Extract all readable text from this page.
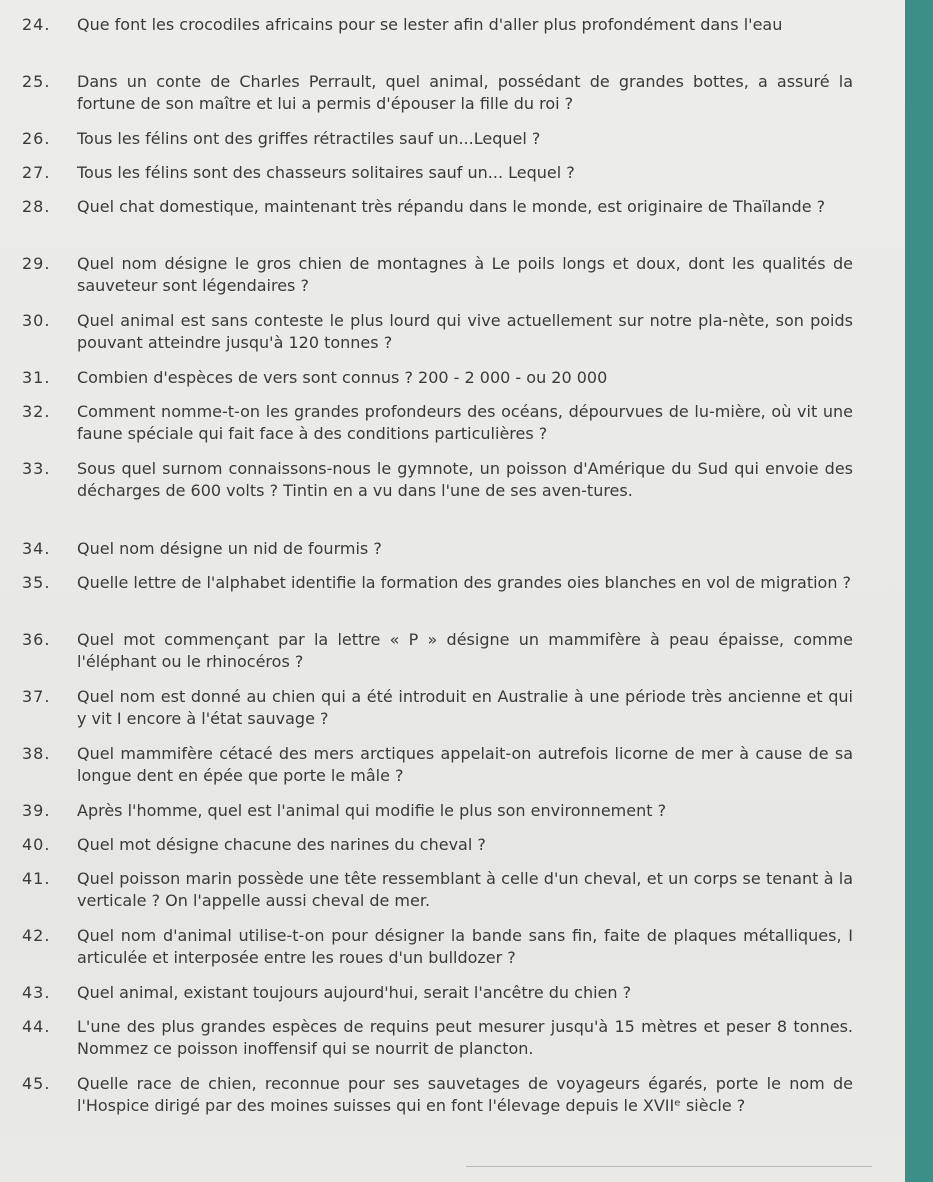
24.	Que font les crocodiles africains pour se lester afin d'aller plus profondément dans l'eau
25.	Dans un conte de Charles Perrault, quel animal, possédant de grandes bottes, a assuré la fortune de son maître et lui a permis d'épouser la fille du roi ?
26.	Tous les félins ont des griffes rétractiles sauf un...Lequel ?
27.	Tous les félins sont des chasseurs solitaires sauf un... Lequel ?
28.	Quel chat domestique, maintenant très répandu dans le monde, est originaire de Thaïlande ?
29.	Quel nom désigne le gros chien de montagnes à Le poils longs et doux, dont les qualités de sauveteur sont légendaires ?
30.	Quel animal est sans conteste le plus lourd qui vive actuellement sur notre pla-nète, son poids pouvant atteindre jusqu'à 120 tonnes ?
31.	Combien d'espèces de vers sont connus ? 200 - 2 000 - ou 20 000
32.	Comment nomme-t-on les grandes profondeurs des océans, dépourvues de lu-mière, où vit une faune spéciale qui fait face à des conditions particulières ?
33.	Sous quel surnom connaissons-nous le gymnote, un poisson d'Amérique du Sud qui envoie des décharges de 600 volts ? Tintin en a vu dans l'une de ses aven-tures.
34.	Quel nom désigne un nid de fourmis ?
35.	Quelle lettre de l'alphabet identifie la formation des grandes oies blanches en vol de migration ?
36.	Quel mot commençant par la lettre « P » désigne un mammifère à peau épaisse, comme l'éléphant ou le rhinocéros ?
37.	Quel nom est donné au chien qui a été introduit en Australie à une période très ancienne et qui y vit I encore à l'état sauvage ?
38.	Quel mammifère cétacé des mers arctiques appelait-on autrefois licorne de mer à cause de sa longue dent en épée que porte le mâle ?
39.	Après l'homme, quel est l'animal qui modifie le plus son environnement ?
40.	Quel mot désigne chacune des narines du cheval ?
41.	Quel poisson marin possède une tête ressemblant à celle d'un cheval, et un corps se tenant à la verticale ? On l'appelle aussi cheval de mer.
42.	Quel nom d'animal utilise-t-on pour désigner la bande sans fin, faite de plaques métalliques, I articulée et interposée entre les roues d'un bulldozer ?
43.	Quel animal, existant toujours aujourd'hui, serait l'ancêtre du chien ?
44.	L'une des plus grandes espèces de requins peut mesurer jusqu'à 15 mètres et peser 8 tonnes. Nommez ce poisson inoffensif qui se nourrit de plancton.
45.	Quelle race de chien, reconnue pour ses sauvetages de voyageurs égarés, porte le nom de l'Hospice dirigé par des moines suisses qui en font l'élevage depuis le XVIIᵉ siècle ?
